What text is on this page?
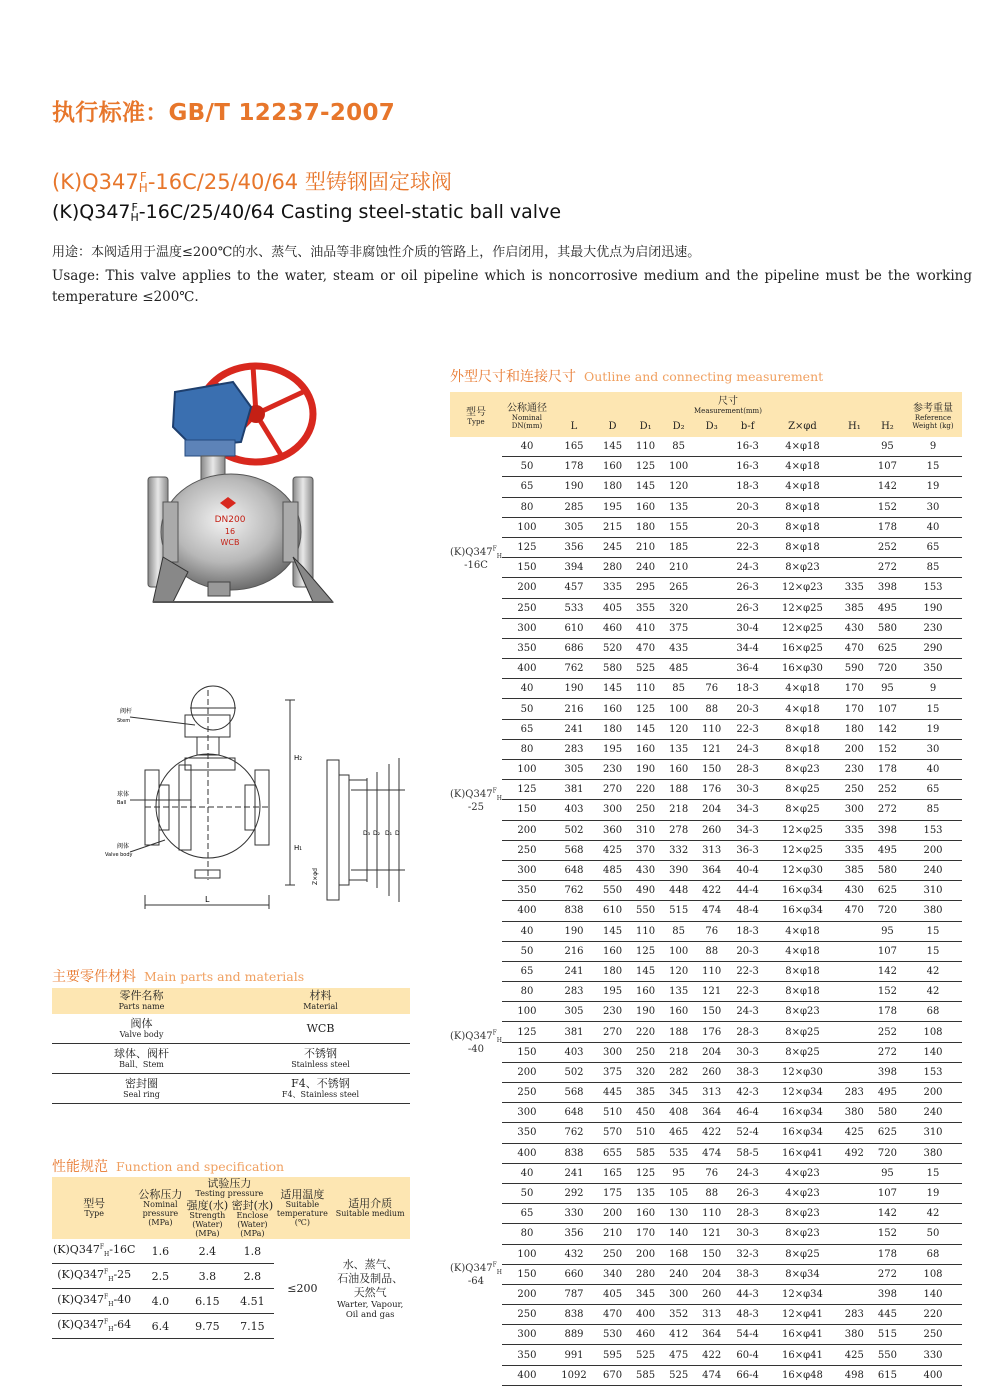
执行标准：GB/T 12237-2007
(K)Q347 F
H -16C/25/40/64 型铸钢固定球阀
(K)Q347 F
H -16C/25/40/64 Casting steel-static ball valve
用途：本阀适用于温度≤200℃的水、蒸气、油品等非腐蚀性介质的管路上，作启闭用，其最大优点为启闭迅速。
Usage: This valve applies to the water, steam or oil pipeline which is noncorrosive medium and the pipeline must be the working temperature ≤200℃.
DN200
16
WCB
阀杆
Stem
球体
Ball
阀体
Valve body
L
H₂
H₁
D₃ D₂ D₁ D
Z×φd
外型尺寸和连接尺寸 Outline and connecting measurement
型号
Type	公称通径
Nominal DN(mm)	尺寸
Measurement(mm)									参考重量
Reference Weight (kg)

		L	D	D₁	D₂	D₃	b-f	Z×φd	H₁	H₂	
$(K)Q347^F_H$
-16C	40	165	145	110	85		16-3	4×φ18		95	9
	50	178	160	125	100		16-3	4×φ18		107	15
	65	190	180	145	120		18-3	4×φ18		142	19
	80	285	195	160	135		20-3	8×φ18		152	30
	100	305	215	180	155		20-3	8×φ18		178	40
	125	356	245	210	185		22-3	8×φ18		252	65
	150	394	280	240	210		24-3	8×φ23		272	85
	200	457	335	295	265		26-3	12×φ23	335	398	153
	250	533	405	355	320		26-3	12×φ25	385	495	190
	300	610	460	410	375		30-4	12×φ25	430	580	230
	350	686	520	470	435		34-4	16×φ25	470	625	290
	400	762	580	525	485		36-4	16×φ30	590	720	350
$(K)Q347^F_H$
-25	40	190	145	110	85	76	18-3	4×φ18	170	95	9
	50	216	160	125	100	88	20-3	4×φ18	170	107	15
	65	241	180	145	120	110	22-3	8×φ18	180	142	19
	80	283	195	160	135	121	24-3	8×φ18	200	152	30
	100	305	230	190	160	150	28-3	8×φ23	230	178	40
	125	381	270	220	188	176	30-3	8×φ25	250	252	65
	150	403	300	250	218	204	34-3	8×φ25	300	272	85
	200	502	360	310	278	260	34-3	12×φ25	335	398	153
	250	568	425	370	332	313	36-3	12×φ25	335	495	200
	300	648	485	430	390	364	40-4	12×φ30	385	580	240
	350	762	550	490	448	422	44-4	16×φ34	430	625	310
	400	838	610	550	515	474	48-4	16×φ34	470	720	380
$(K)Q347^F_H$
-40	40	190	145	110	85	76	18-3	4×φ18		95	15
	50	216	160	125	100	88	20-3	4×φ18		107	15
	65	241	180	145	120	110	22-3	8×φ18		142	42
	80	283	195	160	135	121	22-3	8×φ18		152	42
	100	305	230	190	160	150	24-3	8×φ23		178	68
	125	381	270	220	188	176	28-3	8×φ25		252	108
	150	403	300	250	218	204	30-3	8×φ25		272	140
	200	502	375	320	282	260	38-3	12×φ30		398	153
	250	568	445	385	345	313	42-3	12×φ34	283	495	200
	300	648	510	450	408	364	46-4	16×φ34	380	580	240
	350	762	570	510	465	422	52-4	16×φ34	425	625	310
	400	838	655	585	535	474	58-5	16×φ41	492	720	380
$(K)Q347^F_H$
-64	40	241	165	125	95	76	24-3	4×φ23		95	15
	50	292	175	135	105	88	26-3	4×φ23		107	19
	65	330	200	160	130	110	28-3	8×φ23		142	42
	80	356	210	170	140	121	30-3	8×φ23		152	50
	100	432	250	200	168	150	32-3	8×φ25		178	68
	150	660	340	280	240	204	38-3	8×φ34		272	108
	200	787	405	345	300	260	44-3	12×φ34		398	140
	250	838	470	400	352	313	48-3	12×φ41	283	445	220
	300	889	530	460	412	364	54-4	16×φ41	380	515	250
	350	991	595	525	475	422	60-4	16×φ41	425	550	330
	400	1092	670	585	525	474	66-4	16×φ48	498	615	400
主要零件材料 Main parts and materials
零件名称
Parts name	材料
Material

阀体
Valve body	WCB

球体、阀杆
Ball、Stem	不锈钢
Stainless steel

密封圈
Seal ring	F4、不锈钢
F4、Stainless steel
性能规范 Function and specification
型号
Type	公称压力
Nominal pressure (MPa)	试验压力
Testing pressure		适用温度
Suitable temperature (℃)	适用介质
Suitable medium

		强度(水)
Strength (Water) (MPa)	密封(水)
Enclose (Water) (MPa)		

$(K)Q347^F_H-16C$	1.6	2.4	1.8	≤200	水、蒸气、
石油及制品、
天然气
Warter, Vapour,
Oil and gas

$(K)Q347^F_H-25$	2.5	3.8	2.8		
$(K)Q347^F_H-40$	4.0	6.15	4.51		
$(K)Q347^F_H-64$	6.4	9.75	7.15		
